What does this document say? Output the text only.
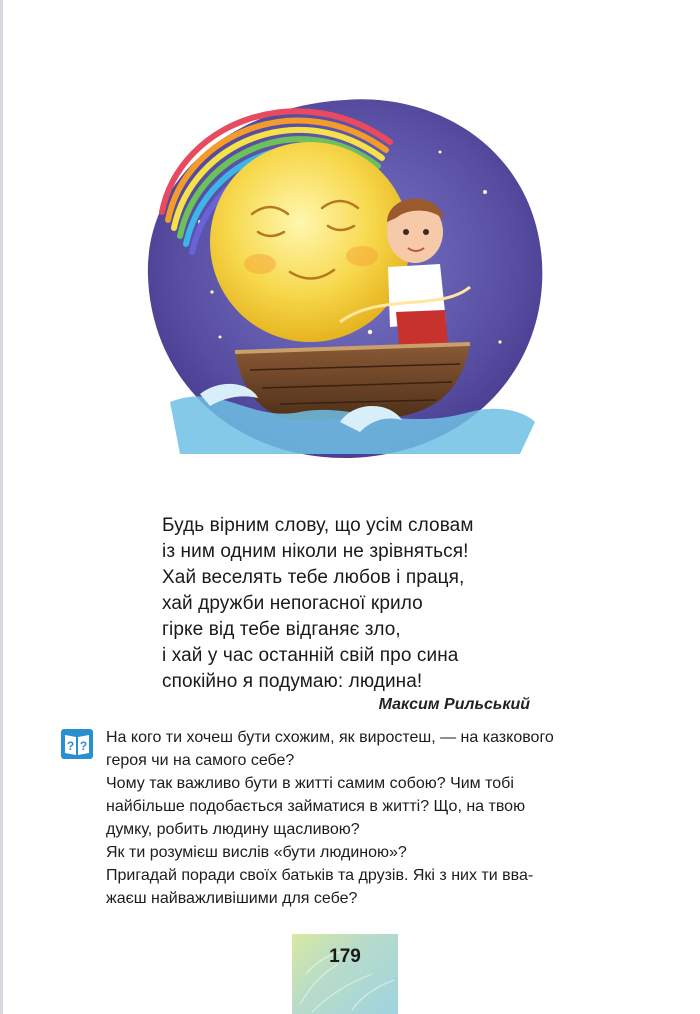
Будь вірним слову, що усім словам
із ним одним ніколи не зрівняться!
Хай веселять тебе любов і праця,
хай дружби непогасної крило
гірке від тебе відганяє зло,
і хай у час останній свій про сина
спокійно я подумаю: людина!
Максим Рильський
? ? На кого ти хочеш бути схожим, як виростеш, — на казкового
героя чи на самого себе?
Чому так важливо бути в житті самим собою? Чим тобі
найбільше подобається займатися в житті? Що, на твою
думку, робить людину щасливою?
Як ти розумієш вислів «бути людиною»?
Пригадай поради своїх батьків та друзів. Які з них ти вва-
жаєш найважливішими для себе?
179
